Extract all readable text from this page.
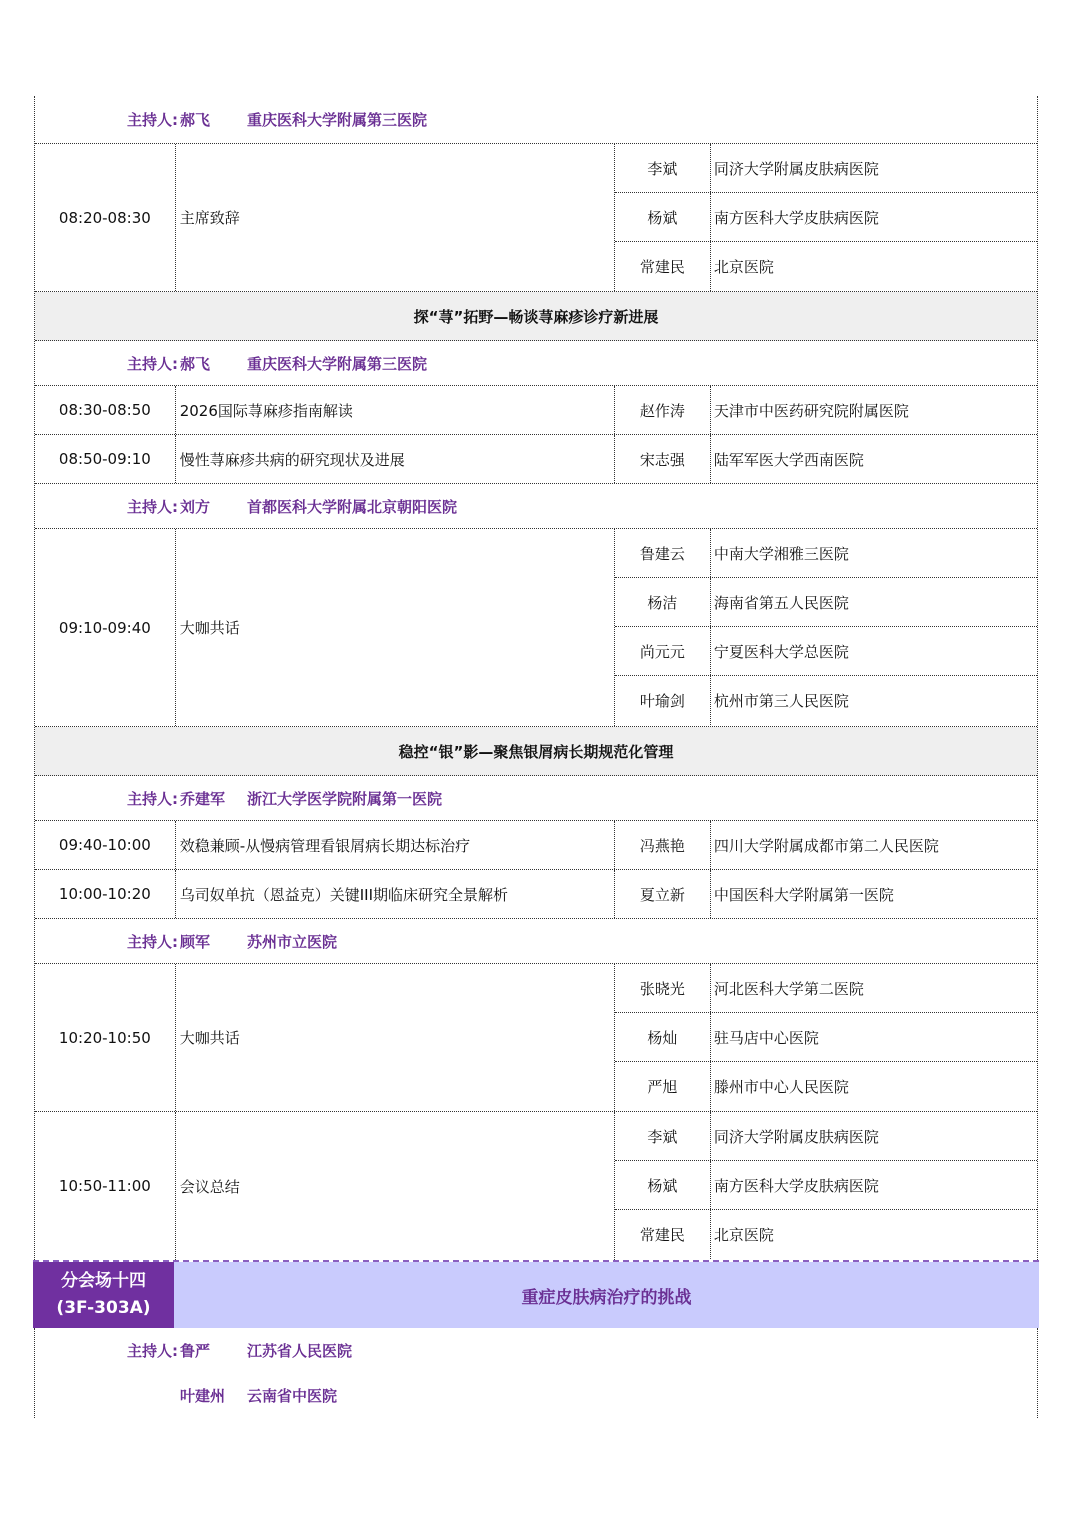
主持人: 郝飞	重庆医科大学附属第三医院
08:20-08:30	主席致辞
李斌	同济大学附属皮肤病医院
杨斌	南方医科大学皮肤病医院
常建民	北京医院
探“荨”拓野—畅谈荨麻疹诊疗新进展
主持人: 郝飞	重庆医科大学附属第三医院
08:30-08:50	2026国际荨麻疹指南解读	赵作涛	天津市中医药研究院附属医院
08:50-09:10	慢性荨麻疹共病的研究现状及进展	宋志强	陆军军医大学西南医院
主持人: 刘方	首都医科大学附属北京朝阳医院
09:10-09:40	大咖共话
鲁建云	中南大学湘雅三医院
杨洁	海南省第五人民医院
尚元元	宁夏医科大学总医院
叶瑜剑	杭州市第三人民医院
稳控“银”影—聚焦银屑病长期规范化管理
主持人: 乔建军	浙江大学医学院附属第一医院
09:40-10:00	效稳兼顾-从慢病管理看银屑病长期达标治疗	冯燕艳	四川大学附属成都市第二人民医院
10:00-10:20	乌司奴单抗（恩益克）关键III期临床研究全景解析	夏立新	中国医科大学附属第一医院
主持人: 顾军	苏州市立医院
10:20-10:50	大咖共话
张晓光	河北医科大学第二医院
杨灿	驻马店中心医院
严旭	滕州市中心人民医院
10:50-11:00	会议总结
李斌	同济大学附属皮肤病医院
杨斌	南方医科大学皮肤病医院
常建民	北京医院
分会场十四
(3F-303A)
重症皮肤病治疗的挑战
主持人: 鲁严	江苏省人民医院
叶建州	云南省中医院
